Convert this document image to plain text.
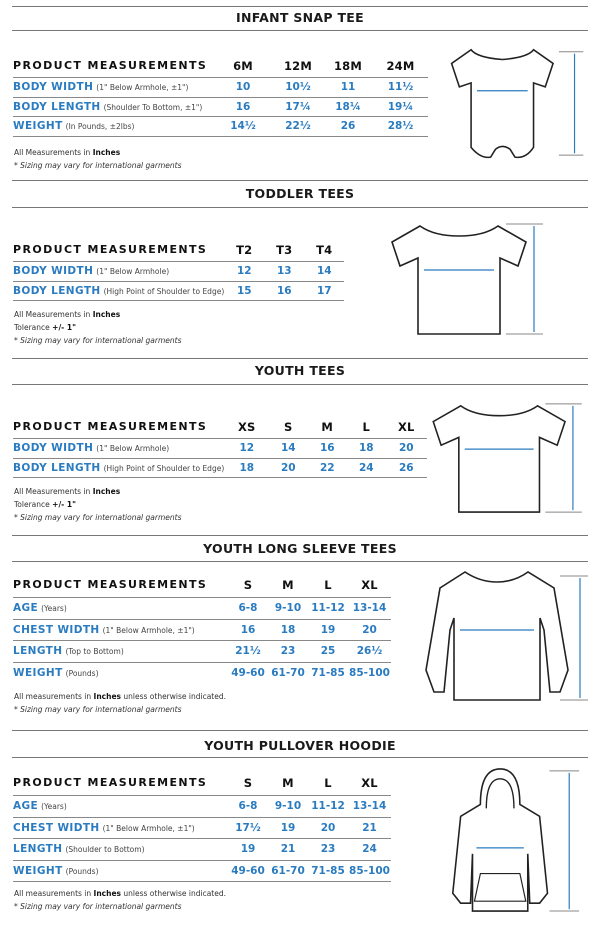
INFANT SNAP TEE
PRODUCT MEASUREMENTS	6M	12M	18M	24M
BODY WIDTH (1" Below Armhole, ±1")	10	10½	11	11½
BODY LENGTH (Shoulder To Bottom, ±1")	16	17¼	18¼	19¼
WEIGHT (In Pounds, ±2lbs)	14½	22½	26	28½
All Measurements in Inches
* Sizing may vary for international garments
TODDLER TEES
PRODUCT MEASUREMENTS	T2	T3	T4
BODY WIDTH (1" Below Armhole)	12	13	14
BODY LENGTH (High Point of Shoulder to Edge)	15	16	17
All Measurements in Inches
Tolerance +/- 1"
* Sizing may vary for international garments
YOUTH TEES
PRODUCT MEASUREMENTS	XS	S	M	L	XL
BODY WIDTH (1" Below Armhole)	12	14	16	18	20
BODY LENGTH (High Point of Shoulder to Edge)	18	20	22	24	26
All Measurements in Inches
Tolerance +/- 1"
* Sizing may vary for international garments
YOUTH LONG SLEEVE TEES
PRODUCT MEASUREMENTS	S	M	L	XL
AGE (Years)	6-8	9-10	11-12	13-14
CHEST WIDTH (1" Below Armhole, ±1")	16	18	19	20
LENGTH (Top to Bottom)	21½	23	25	26½
WEIGHT (Pounds)	49-60	61-70	71-85	85-100
All measurements in Inches unless otherwise indicated.
* Sizing may vary for international garments
YOUTH PULLOVER HOODIE
PRODUCT MEASUREMENTS	S	M	L	XL
AGE (Years)	6-8	9-10	11-12	13-14
CHEST WIDTH (1" Below Armhole, ±1")	17½	19	20	21
LENGTH (Shoulder to Bottom)	19	21	23	24
WEIGHT (Pounds)	49-60	61-70	71-85	85-100
All measurements in Inches unless otherwise indicated.
* Sizing may vary for international garments
